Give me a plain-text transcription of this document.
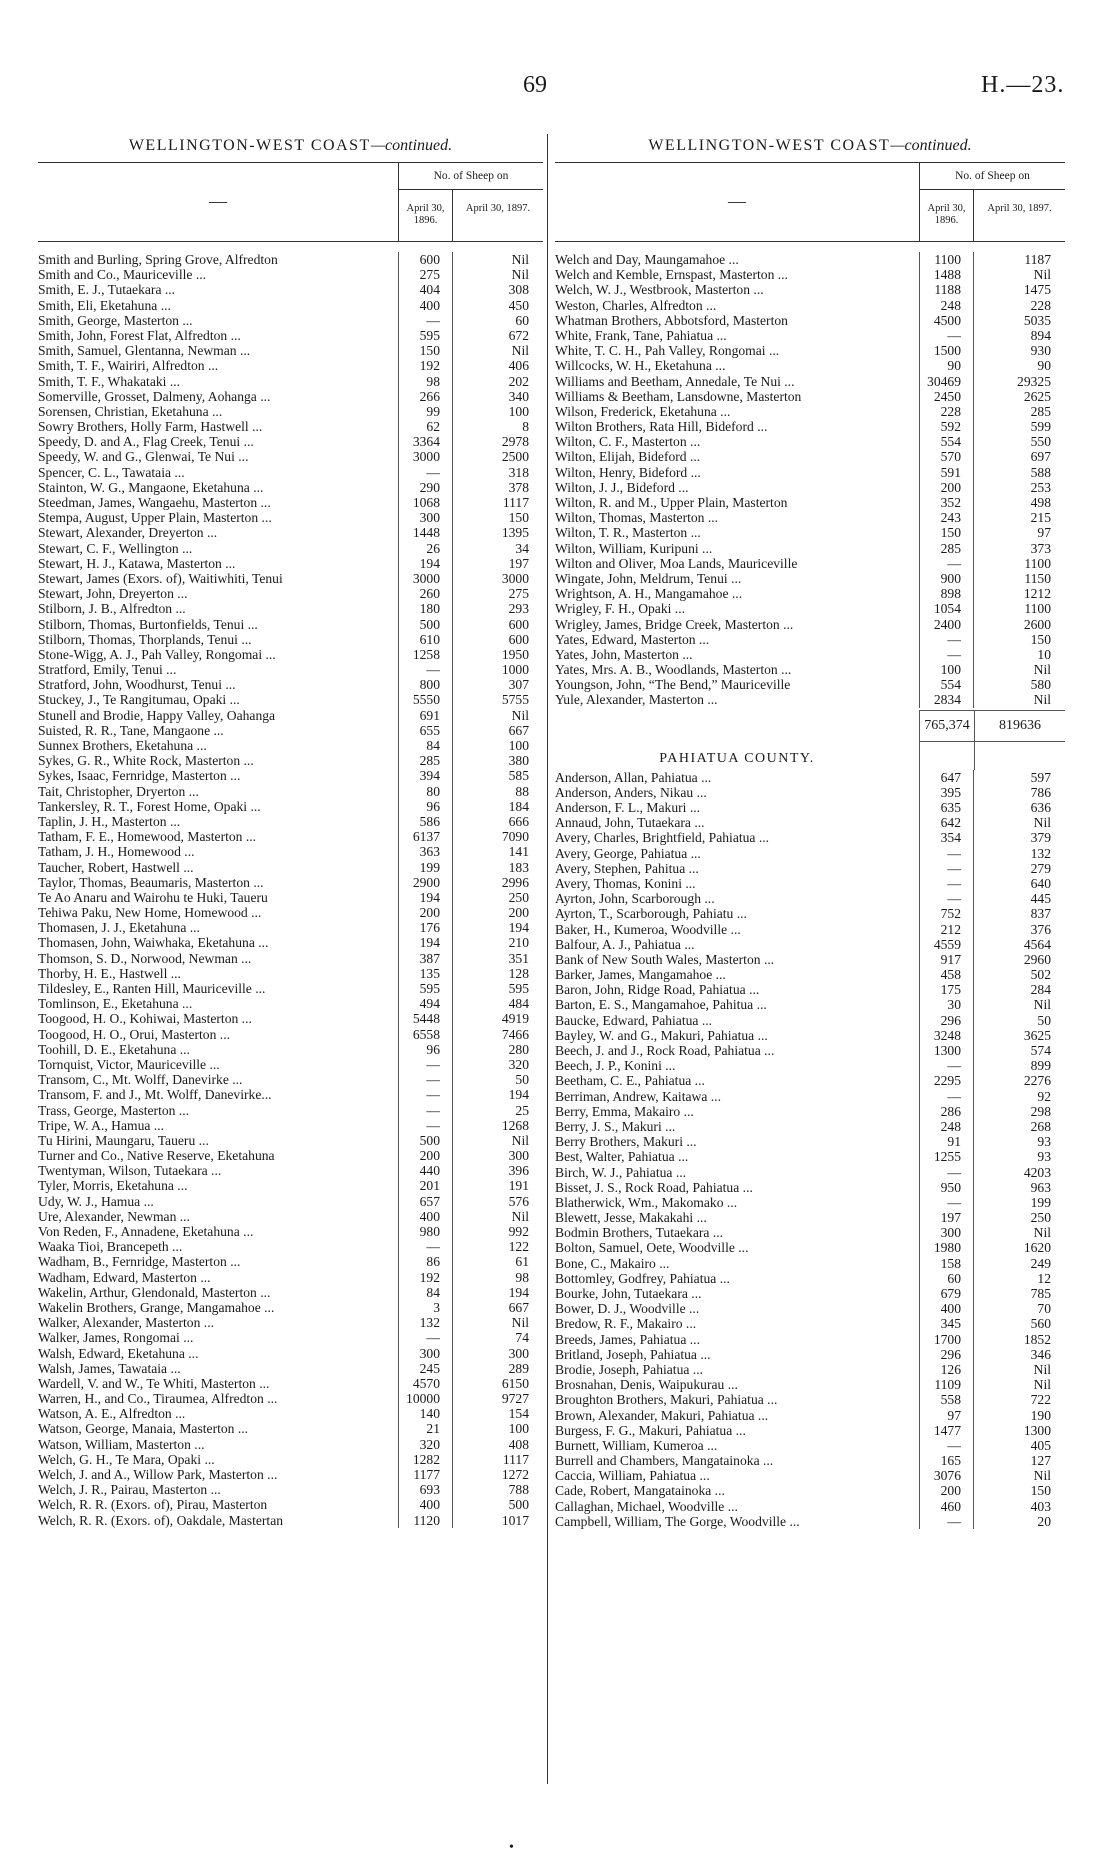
69	H.—23.
WELLINGTON-WEST COAST—continued.
—
No. of Sheep on
April 30, 1896.
April 30, 1897.
Smith and Burling, Spring Grove, Alfredton	600	Nil
Smith and Co., Mauriceville ...	275	Nil
Smith, E. J., Tutaekara ...	404	308
Smith, Eli, Eketahuna ...	400	450
Smith, George, Masterton ...	—	60
Smith, John, Forest Flat, Alfredton ...	595	672
Smith, Samuel, Glentanna, Newman ...	150	Nil
Smith, T. F., Wairiri, Alfredton ...	192	406
Smith, T. F., Whakataki ...	98	202
Somerville, Grosset, Dalmeny, Aohanga ...	266	340
Sorensen, Christian, Eketahuna ...	99	100
Sowry Brothers, Holly Farm, Hastwell ...	62	8
Speedy, D. and A., Flag Creek, Tenui ...	3364	2978
Speedy, W. and G., Glenwai, Te Nui ...	3000	2500
Spencer, C. L., Tawataia ...	—	318
Stainton, W. G., Mangaone, Eketahuna ...	290	378
Steedman, James, Wangaehu, Masterton ...	1068	1117
Stempa, August, Upper Plain, Masterton ...	300	150
Stewart, Alexander, Dreyerton ...	1448	1395
Stewart, C. F., Wellington ...	26	34
Stewart, H. J., Katawa, Masterton ...	194	197
Stewart, James (Exors. of), Waitiwhiti, Tenui	3000	3000
Stewart, John, Dreyerton ...	260	275
Stilborn, J. B., Alfredton ...	180	293
Stilborn, Thomas, Burtonfields, Tenui ...	500	600
Stilborn, Thomas, Thorplands, Tenui ...	610	600
Stone-Wigg, A. J., Pah Valley, Rongomai ...	1258	1950
Stratford, Emily, Tenui ...	—	1000
Stratford, John, Woodhurst, Tenui ...	800	307
Stuckey, J., Te Rangitumau, Opaki ...	5550	5755
Stunell and Brodie, Happy Valley, Oahanga	691	Nil
Suisted, R. R., Tane, Mangaone ...	655	667
Sunnex Brothers, Eketahuna ...	84	100
Sykes, G. R., White Rock, Masterton ...	285	380
Sykes, Isaac, Fernridge, Masterton ...	394	585
Tait, Christopher, Dryerton ...	80	88
Tankersley, R. T., Forest Home, Opaki ...	96	184
Taplin, J. H., Masterton ...	586	666
Tatham, F. E., Homewood, Masterton ...	6137	7090
Tatham, J. H., Homewood ...	363	141
Taucher, Robert, Hastwell ...	199	183
Taylor, Thomas, Beaumaris, Masterton ...	2900	2996
Te Ao Anaru and Wairohu te Huki, Taueru	194	250
Tehiwa Paku, New Home, Homewood ...	200	200
Thomasen, J. J., Eketahuna ...	176	194
Thomasen, John, Waiwhaka, Eketahuna ...	194	210
Thomson, S. D., Norwood, Newman ...	387	351
Thorby, H. E., Hastwell ...	135	128
Tildesley, E., Ranten Hill, Mauriceville ...	595	595
Tomlinson, E., Eketahuna ...	494	484
Toogood, H. O., Kohiwai, Masterton ...	5448	4919
Toogood, H. O., Orui, Masterton ...	6558	7466
Toohill, D. E., Eketahuna ...	96	280
Tornquist, Victor, Mauriceville ...	—	320
Transom, C., Mt. Wolff, Danevirke ...	—	50
Transom, F. and J., Mt. Wolff, Danevirke...	—	194
Trass, George, Masterton ...	—	25
Tripe, W. A., Hamua ...	—	1268
Tu Hirini, Maungaru, Taueru ...	500	Nil
Turner and Co., Native Reserve, Eketahuna	200	300
Twentyman, Wilson, Tutaekara ...	440	396
Tyler, Morris, Eketahuna ...	201	191
Udy, W. J., Hamua ...	657	576
Ure, Alexander, Newman ...	400	Nil
Von Reden, F., Annadene, Eketahuna ...	980	992
Waaka Tioi, Brancepeth ...	—	122
Wadham, B., Fernridge, Masterton ...	86	61
Wadham, Edward, Masterton ...	192	98
Wakelin, Arthur, Glendonald, Masterton ...	84	194
Wakelin Brothers, Grange, Mangamahoe ...	3	667
Walker, Alexander, Masterton ...	132	Nil
Walker, James, Rongomai ...	—	74
Walsh, Edward, Eketahuna ...	300	300
Walsh, James, Tawataia ...	245	289
Wardell, V. and W., Te Whiti, Masterton ...	4570	6150
Warren, H., and Co., Tiraumea, Alfredton ...	10000	9727
Watson, A. E., Alfredton ...	140	154
Watson, George, Manaia, Masterton ...	21	100
Watson, William, Masterton ...	320	408
Welch, G. H., Te Mara, Opaki ...	1282	1117
Welch, J. and A., Willow Park, Masterton ...	1177	1272
Welch, J. R., Pairau, Masterton ...	693	788
Welch, R. R. (Exors. of), Pirau, Masterton	400	500
Welch, R. R. (Exors. of), Oakdale, Mastertan	1120	1017
WELLINGTON-WEST COAST—continued.
—
No. of Sheep on
April 30, 1896.
April 30, 1897.
Welch and Day, Maungamahoe ...	1100	1187
Welch and Kemble, Ernspast, Masterton ...	1488	Nil
Welch, W. J., Westbrook, Masterton ...	1188	1475
Weston, Charles, Alfredton ...	248	228
Whatman Brothers, Abbotsford, Masterton	4500	5035
White, Frank, Tane, Pahiatua ...	—	894
White, T. C. H., Pah Valley, Rongomai ...	1500	930
Willcocks, W. H., Eketahuna ...	90	90
Williams and Beetham, Annedale, Te Nui ...	30469	29325
Williams & Beetham, Lansdowne, Masterton	2450	2625
Wilson, Frederick, Eketahuna ...	228	285
Wilton Brothers, Rata Hill, Bideford ...	592	599
Wilton, C. F., Masterton ...	554	550
Wilton, Elijah, Bideford ...	570	697
Wilton, Henry, Bideford ...	591	588
Wilton, J. J., Bideford ...	200	253
Wilton, R. and M., Upper Plain, Masterton	352	498
Wilton, Thomas, Masterton ...	243	215
Wilton, T. R., Masterton ...	150	97
Wilton, William, Kuripuni ...	285	373
Wilton and Oliver, Moa Lands, Mauriceville	—	1100
Wingate, John, Meldrum, Tenui ...	900	1150
Wrightson, A. H., Mangamahoe ...	898	1212
Wrigley, F. H., Opaki ...	1054	1100
Wrigley, James, Bridge Creek, Masterton ...	2400	2600
Yates, Edward, Masterton ...	—	150
Yates, John, Masterton ...	—	10
Yates, Mrs. A. B., Woodlands, Masterton ...	100	Nil
Youngson, John, “The Bend,” Mauriceville	554	580
Yule, Alexander, Masterton ...	2834	Nil
765,374	819636
PAHIATUA COUNTY.
Anderson, Allan, Pahiatua ...	647	597
Anderson, Anders, Nikau ...	395	786
Anderson, F. L., Makuri ...	635	636
Annaud, John, Tutaekara ...	642	Nil
Avery, Charles, Brightfield, Pahiatua ...	354	379
Avery, George, Pahiatua ...	—	132
Avery, Stephen, Pahitua ...	—	279
Avery, Thomas, Konini ...	—	640
Ayrton, John, Scarborough ...	—	445
Ayrton, T., Scarborough, Pahiatu ...	752	837
Baker, H., Kumeroa, Woodville ...	212	376
Balfour, A. J., Pahiatua ...	4559	4564
Bank of New South Wales, Masterton ...	917	2960
Barker, James, Mangamahoe ...	458	502
Baron, John, Ridge Road, Pahiatua ...	175	284
Barton, E. S., Mangamahoe, Pahitua ...	30	Nil
Baucke, Edward, Pahiatua ...	296	50
Bayley, W. and G., Makuri, Pahiatua ...	3248	3625
Beech, J. and J., Rock Road, Pahiatua ...	1300	574
Beech, J. P., Konini ...	—	899
Beetham, C. E., Pahiatua ...	2295	2276
Berriman, Andrew, Kaitawa ...	—	92
Berry, Emma, Makairo ...	286	298
Berry, J. S., Makuri ...	248	268
Berry Brothers, Makuri ...	91	93
Best, Walter, Pahiatua ...	1255	93
Birch, W. J., Pahiatua ...	—	4203
Bisset, J. S., Rock Road, Pahiatua ...	950	963
Blatherwick, Wm., Makomako ...	—	199
Blewett, Jesse, Makakahi ...	197	250
Bodmin Brothers, Tutaekara ...	300	Nil
Bolton, Samuel, Oete, Woodville ...	1980	1620
Bone, C., Makairo ...	158	249
Bottomley, Godfrey, Pahiatua ...	60	12
Bourke, John, Tutaekara ...	679	785
Bower, D. J., Woodville ...	400	70
Bredow, R. F., Makairo ...	345	560
Breeds, James, Pahiatua ...	1700	1852
Britland, Joseph, Pahiatua ...	296	346
Brodie, Joseph, Pahiatua ...	126	Nil
Brosnahan, Denis, Waipukurau ...	1109	Nil
Broughton Brothers, Makuri, Pahiatua ...	558	722
Brown, Alexander, Makuri, Pahiatua ...	97	190
Burgess, F. G., Makuri, Pahiatua ...	1477	1300
Burnett, William, Kumeroa ...	—	405
Burrell and Chambers, Mangatainoka ...	165	127
Caccia, William, Pahiatua ...	3076	Nil
Cade, Robert, Mangatainoka ...	200	150
Callaghan, Michael, Woodville ...	460	403
Campbell, William, The Gorge, Woodville ...	—	20
•
